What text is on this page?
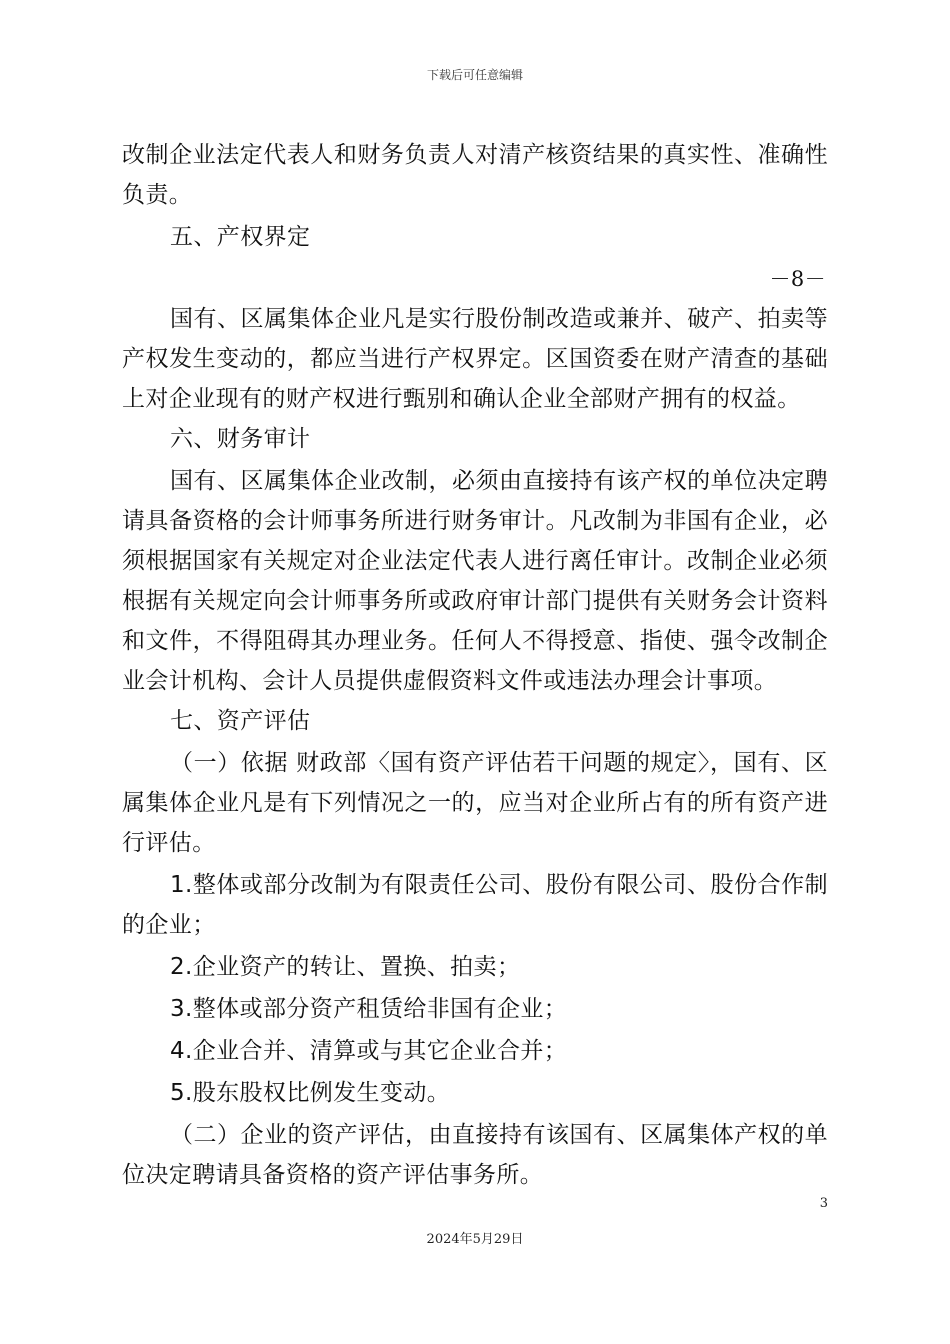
下载后可任意编辑

改制企业法定代表人和财务负责人对清产核资结果的真实性、准确性负责。

五、产权界定

－8－

国有、区属集体企业凡是实行股份制改造或兼并、破产、拍卖等产权发生变动的，都应当进行产权界定。区国资委在财产清查的基础上对企业现有的财产权进行甄别和确认企业全部财产拥有的权益。

六、财务审计

国有、区属集体企业改制，必须由直接持有该产权的单位决定聘请具备资格的会计师事务所进行财务审计。凡改制为非国有企业，必须根据国家有关规定对企业法定代表人进行离任审计。改制企业必须根据有关规定向会计师事务所或政府审计部门提供有关财务会计资料和文件，不得阻碍其办理业务。任何人不得授意、指使、强令改制企业会计机构、会计人员提供虚假资料文件或违法办理会计事项。

七、资产评估

（一）依据 财政部〈国有资产评估若干问题的规定〉，国有、区属集体企业凡是有下列情况之一的，应当对企业所占有的所有资产进行评估。

1.整体或部分改制为有限责任公司、股份有限公司、股份合作制的企业；

2.企业资产的转让、置换、拍卖；

3.整体或部分资产租赁给非国有企业；

4.企业合并、清算或与其它企业合并；

5.股东股权比例发生变动。

（二）企业的资产评估，由直接持有该国有、区属集体产权的单位决定聘请具备资格的资产评估事务所。

3
2024年5月29日
